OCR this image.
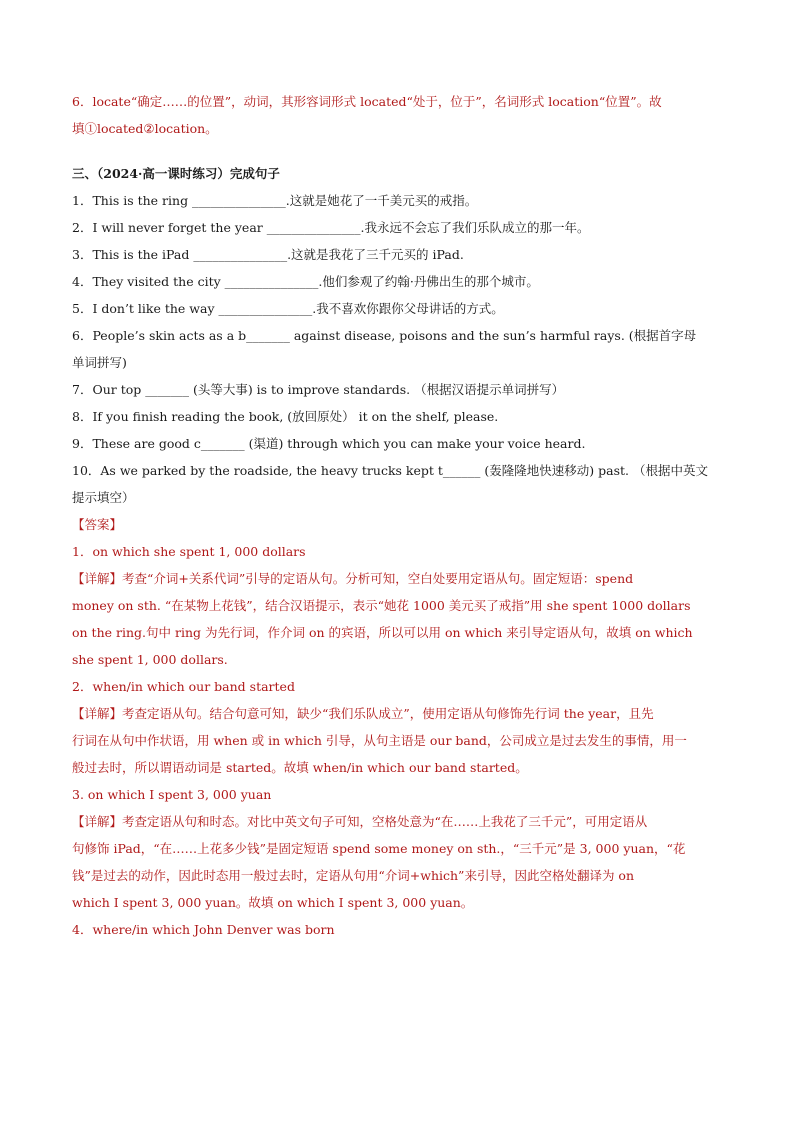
6．locate“确定……的位置”，动词，其形容词形式 located“处于，位于”，名词形式 location“位置”。故
填①located②location。
三、（2024·高一课时练习）完成句子
1．This is the ring _______________.这就是她花了一千美元买的戒指。
2．I will never forget the year _______________.我永远不会忘了我们乐队成立的那一年。
3．This is the iPad _______________.这就是我花了三千元买的 iPad.
4．They visited the city _______________.他们参观了约翰·丹佛出生的那个城市。
5．I don’t like the way _______________.我不喜欢你跟你父母讲话的方式。
6．People’s skin acts as a b_______ against disease, poisons and the sun’s harmful rays. (根据首字母
单词拼写)
7．Our top _______ (头等大事) is to improve standards. （根据汉语提示单词拼写）
8．If you finish reading the book, (放回原处） it on the shelf, please.
9．These are good c_______ (渠道) through which you can make your voice heard.
10．As we parked by the roadside, the heavy trucks kept t______ (轰隆隆地快速移动) past. （根据中英文
提示填空）
【答案】
1．on which she spent 1, 000 dollars
【详解】考查“介词+关系代词”引导的定语从句。分析可知，空白处要用定语从句。固定短语：spend
money on sth. “在某物上花钱”，结合汉语提示，表示“她花 1000 美元买了戒指”用 she spent 1000 dollars
on the ring.句中 ring 为先行词，作介词 on 的宾语，所以可以用 on which 来引导定语从句，故填 on which
she spent 1, 000 dollars.
2．when/in which our band started
【详解】考查定语从句。结合句意可知，缺少“我们乐队成立”，使用定语从句修饰先行词 the year，且先
行词在从句中作状语，用 when 或 in which 引导，从句主语是 our band，公司成立是过去发生的事情，用一
般过去时，所以谓语动词是 started。故填 when/in which our band started。
3. on which I spent 3, 000 yuan
【详解】考查定语从句和时态。对比中英文句子可知，空格处意为“在……上我花了三千元”，可用定语从
句修饰 iPad，“在……上花多少钱”是固定短语 spend some money on sth.，“三千元”是 3, 000 yuan，“花
钱”是过去的动作，因此时态用一般过去时，定语从句用“介词+which”来引导，因此空格处翻译为 on
which I spent 3, 000 yuan。故填 on which I spent 3, 000 yuan。
4．where/in which John Denver was born
